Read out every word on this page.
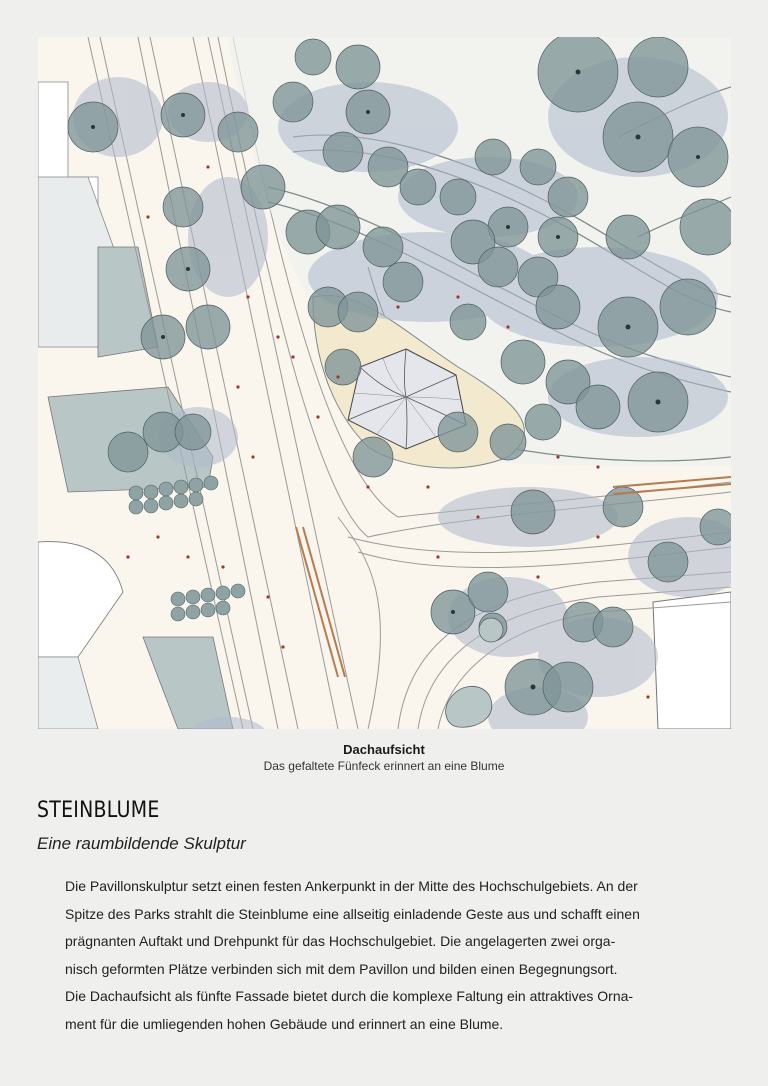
Dachaufsicht
Das gefaltete Fünfeck erinnert an eine Blume
STEINBLUME
Eine raumbildende Skulptur

Die Pavillonskulptur setzt einen festen Ankerpunkt in der Mitte des Hochschulgebiets. An der
Spitze des Parks strahlt die Steinblume eine allseitig einladende Geste aus und schafft einen
prägnanten Auftakt und Drehpunkt für das Hochschulgebiet. Die angelagerten zwei orga-
nisch geformten Plätze verbinden sich mit dem Pavillon und bilden einen Begegnungsort.
Die Dachaufsicht als fünfte Fassade bietet durch die komplexe Faltung ein attraktives Orna-
ment für die umliegenden hohen Gebäude und erinnert an eine Blume.
